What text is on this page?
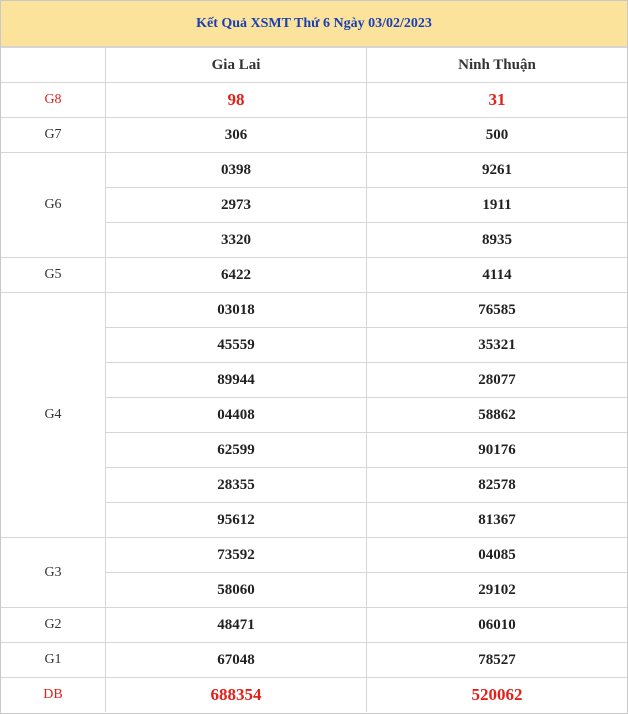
Kết Quả XSMT Thứ 6 Ngày 03/02/2023
	Gia Lai	Ninh Thuận
G8	98	31
G7	306	500
G6	0398	9261
	2973	1911
	3320	8935
G5	6422	4114
G4	03018	76585
	45559	35321
	89944	28077
	04408	58862
	62599	90176
	28355	82578
	95612	81367
G3	73592	04085
	58060	29102
G2	48471	06010
G1	67048	78527
DB	688354	520062
